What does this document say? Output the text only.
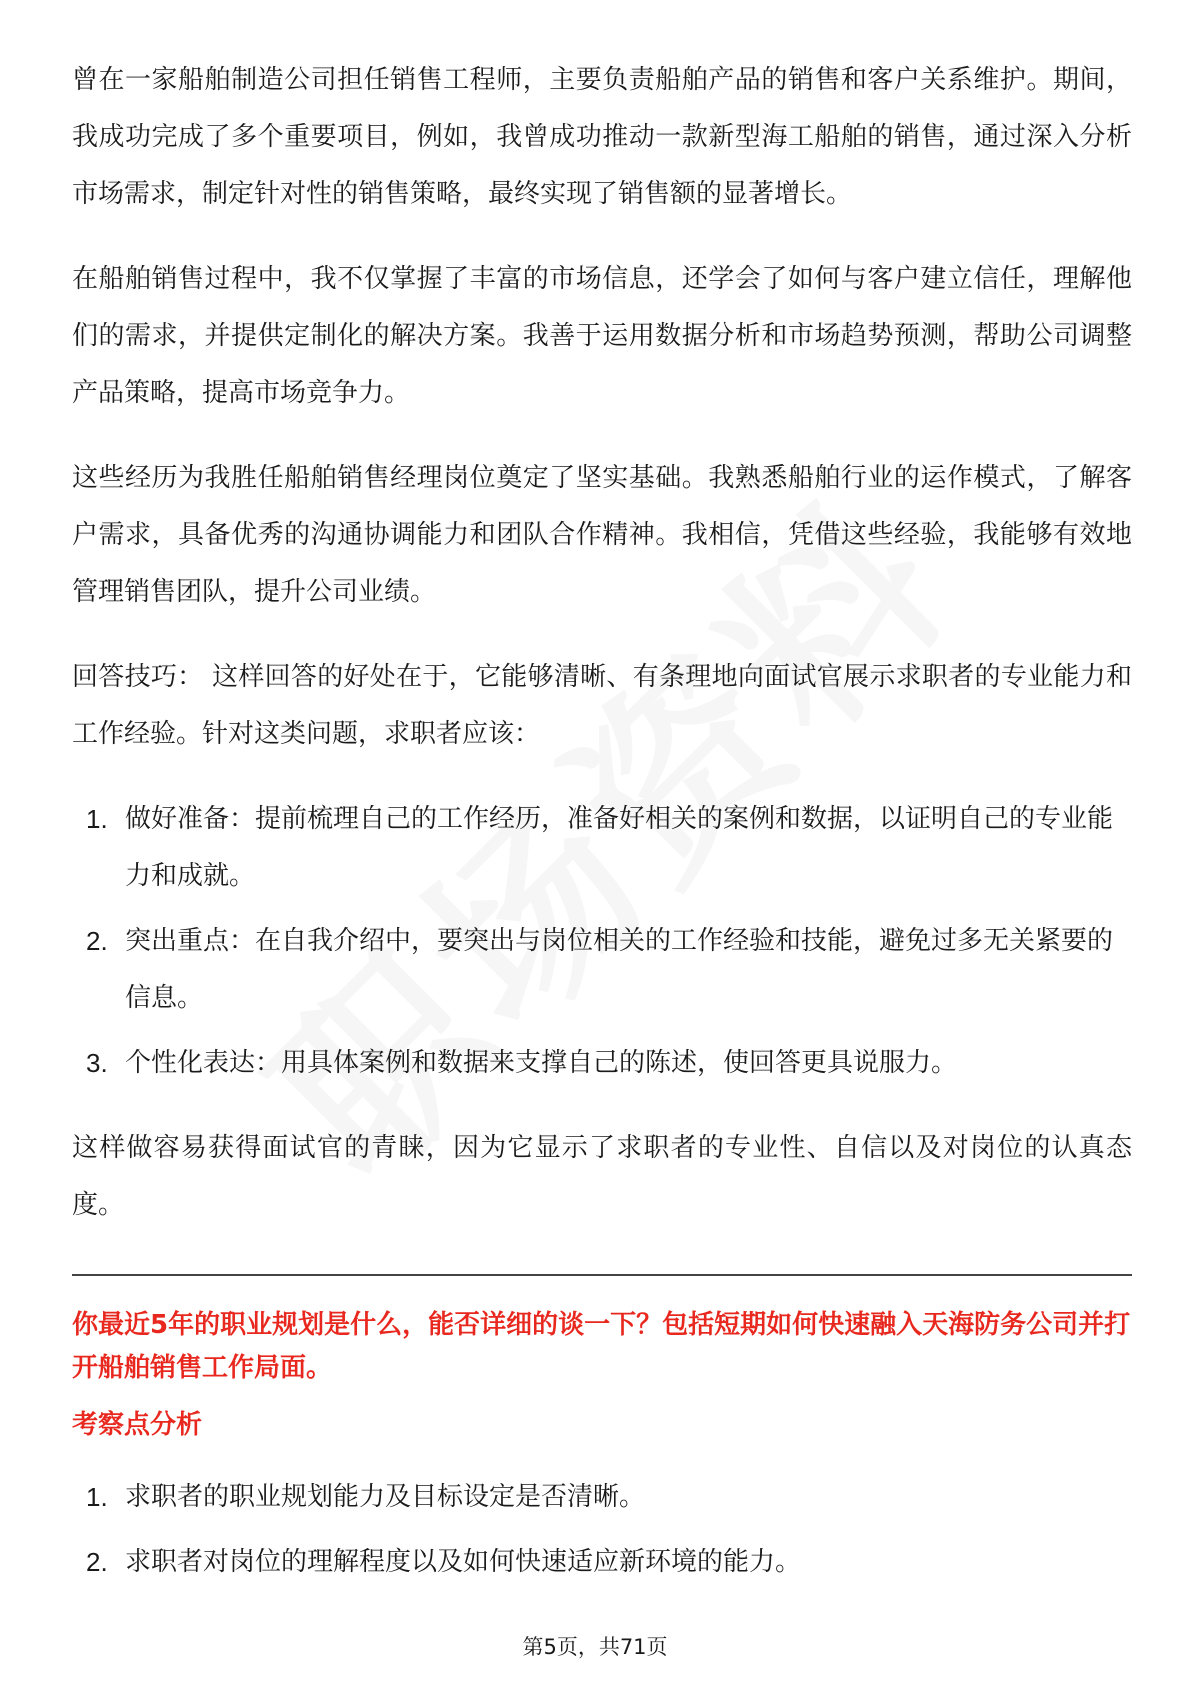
曾在一家船舶制造公司担任销售工程师，主要负责船舶产品的销售和客户关系维护。期间，我成功完成了多个重要项目，例如，我曾成功推动一款新型海工船舶的销售，通过深入分析市场需求，制定针对性的销售策略，最终实现了销售额的显著增长。

在船舶销售过程中，我不仅掌握了丰富的市场信息，还学会了如何与客户建立信任，理解他们的需求，并提供定制化的解决方案。我善于运用数据分析和市场趋势预测，帮助公司调整产品策略，提高市场竞争力。

这些经历为我胜任船舶销售经理岗位奠定了坚实基础。我熟悉船舶行业的运作模式，了解客户需求，具备优秀的沟通协调能力和团队合作精神。我相信，凭借这些经验，我能够有效地管理销售团队，提升公司业绩。

回答技巧： 这样回答的好处在于，它能够清晰、有条理地向面试官展示求职者的专业能力和工作经验。针对这类问题，求职者应该：

1. 做好准备：提前梳理自己的工作经历，准备好相关的案例和数据，以证明自己的专业能力和成就。
2. 突出重点：在自我介绍中，要突出与岗位相关的工作经验和技能，避免过多无关紧要的信息。
3. 个性化表达：用具体案例和数据来支撑自己的陈述，使回答更具说服力。

这样做容易获得面试官的青睐，因为它显示了求职者的专业性、自信以及对岗位的认真态度。

你最近5年的职业规划是什么，能否详细的谈一下？包括短期如何快速融入天海防务公司并打开船舶销售工作局面。
考察点分析
1. 求职者的职业规划能力及目标设定是否清晰。
2. 求职者对岗位的理解程度以及如何快速适应新环境的能力。
第5页，共71页
